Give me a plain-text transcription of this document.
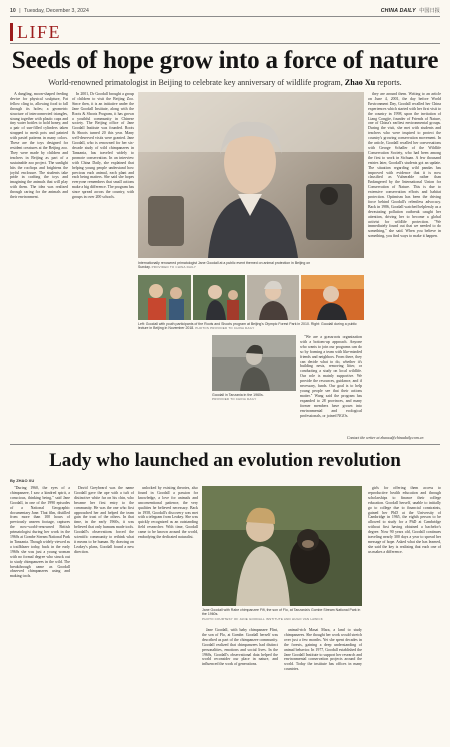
10 | Tuesday, December 3, 2024	CHINA DAILY 中国日报
LIFE
Seeds of hope grow into a force of nature
World-renowned primatologist in Beijing to celebrate key anniversary of wildlife program, Zhao Xu reports.

A dangling, moon-shaped feeding device for physical sculpture, Fat fellow cling to, allowing food to fall through its holes; a geometric structure of interconnected triangles, strung together with plastic cups and tiny water bottles to hold honey, and a pair of sun-filled cylinders taken strapped to mesh pots and painted with pastel patterns in many colors. These are the toys designed for resident creatures at the Beijing zoo. They were made by children and teachers in Beijing as part of a sustainable zoo project. The sunlight hits the rooftops and brightens the joyful enclosure. The students take pride in crafting the toys and imagining the animals that will play with them. The idea was realized through caring for the animals and their environment.

In 2001, Dr Goodall brought a group of children to visit the Beijing Zoo. Since then, it is an initiative under the Jane Goodall Institute, along with the Roots & Shoots Program, it has grown a youthful community in Chinese society. The Beijing office of Jane Goodall Institute was founded. Roots & Shoots turned 20 this year. Many well-deserved visits were granted. Jane Goodall, who is renowned for her six-decade study of wild chimpanzees in Tanzania, has traveled widely to promote conservation. In an interview with China Daily, she explained that helping young people understand how precious each animal, each plant and each being matters. She said she hopes everyone remembers that small actions make a big difference. The program has since spread across the country, with groups in over 200 schools.

"We are a grassroots organization with a bottom-up approach. Anyone who wants to join our programs can do so by forming a team with like-minded friends and neighbors. From there, they can decide what to do, whether it's building nests, removing litter, or conducting a study on local wildlife. Our role is mainly supportive. We provide the resources, guidance, and if necessary, funds. Our goal is to help young people see that their actions matter." Wang said the program has expanded to 28 provinces, and many former members have grown into environmental and ecological professionals, or joined NGOs.

they are around them. Writing to an article on June 4, 2001, the day before World Environment Day, Goodall recalled her China experiences which started with her first visit to the country in 1998, upon the invitation of Liang Congjie, founder of Friends of Nature, one of China's earliest environmental groups. During the visit, she met with students and teachers who were inspired to protect the country's growing conservation movement. In the article, Goodall recalled her conversations with George Schaller of the Wildlife Conservation Society, who had been among the first to work in Sichuan. A few thousand entries later, Goodall's students got an update. The situation regarding wild pandas has improved with evidence that it is now classified as Vulnerable rather than Endangered by the International Union for Conservation of Nature. This is due to extensive conservation efforts and habitat protection. Optimism has been the driving force behind Goodall's relentless advocacy. Back in 1986, Goodall watched helplessly as a devastating pollution outbreak caught her attention, driving her to become a global activist for wildlife protection. "We immediately found out that we needed to do something," she said. When you believe in something, you find ways to make it happen.

Internationally renowned primatologist Jane Goodall at a public event themed on animal protection in Beijing on Sunday. PROVIDED TO CHINA DAILY
Left: Goodall with youth participants of the Roots and Shoots program at Beijing's Olympic Forest Park in 2010. Right: Goodall during a public lecture in Beijing in November 2018. PHOTOS PROVIDED TO CHINA DAILY
Goodall in Tanzania in the 1960s.
PROVIDED TO CHINA DAILY
Contact the writer at zhaoxu@chinadaily.com.cn
Lady who launched an evolution revolution
By ZHAO XU

"During 1960, the eyes of a chimpanzee, I saw a kindred spirit, a conscious, thinking being," said Jane Goodall, in one of the 1990 episodes of a National Geographic documentary Jane. That film, distilled from more than 100 hours of previously unseen footage, captures the now-world-renowned British primatologist during her work in the 1960s at Gombe Stream National Park in Tanzania. Though widely viewed as a trailblazer today, back in the early 1960s she was just a young woman with no formal degree who struck out to study chimpanzees in the wild. The breakthrough came as Goodall observed chimpanzees using and making tools.

David Greybeard was the name Goodall gave the ape with a tuft of distinctive white fur on his chin, who became her first entry to the community. He was the one who first approached her and helped the team gain the trust of the others. In that time, in the early 1960s, it was believed that only humans made tools. Goodall's observations forced the scientific community to rethink what it means to be human. By drawing on Leakey's plans, Goodall found a new direction.

unlocked by existing theories, also found in Goodall a passion for knowledge, a love for animals and unconventional patience, the very qualities he believed necessary. Back in 1958, Goodall's discovery was met with a telegram from Leakey. She was quickly recognized as an outstanding field researcher. With time, Goodall came to be known around the world, embodying the dedicated naturalist.

Jane Goodall with Rabe chimpanzee Fifi, the son of Flo, at Tanzania's Gombe Stream National Park in the 1960s.
PHOTO COURTESY OF JANE GOODALL INSTITUTE AND HUGO VAN LAWICK

Jane Goodall, with baby chimpanzee Flint, the son of Flo, at Gombe. Goodall herself was described as part of the chimpanzee community. Goodall realized that chimpanzees had distinct personalities, emotions and social lives. In the 1960s, Goodall's observational data helped the world reconsider our place in nature, and influenced the work of generations.

animal-rich Masai Mara, a land to study chimpanzees. She thought her work would stretch over just a few months. Yet she spent decades in the forests, gaining a deep understanding of animal behavior. In 1977, Goodall established the Jane Goodall Institute to support her research and environmental conservation projects around the world. Today the institute has offices in many countries.

girls for offering them access to reproductive health education and through scholarships to finance their college education. Goodall herself, unable to initially go to college due to financial constraints, gained her PhD at the University of Cambridge in 1965, the eighth person to be allowed to study for a PhD at Cambridge without first having obtained a bachelor's degree. Now 90 years old, Goodall continues traveling nearly 300 days a year to spread her message of hope. Asked what she has learned, she said the key is realizing that each one of us makes a difference.
